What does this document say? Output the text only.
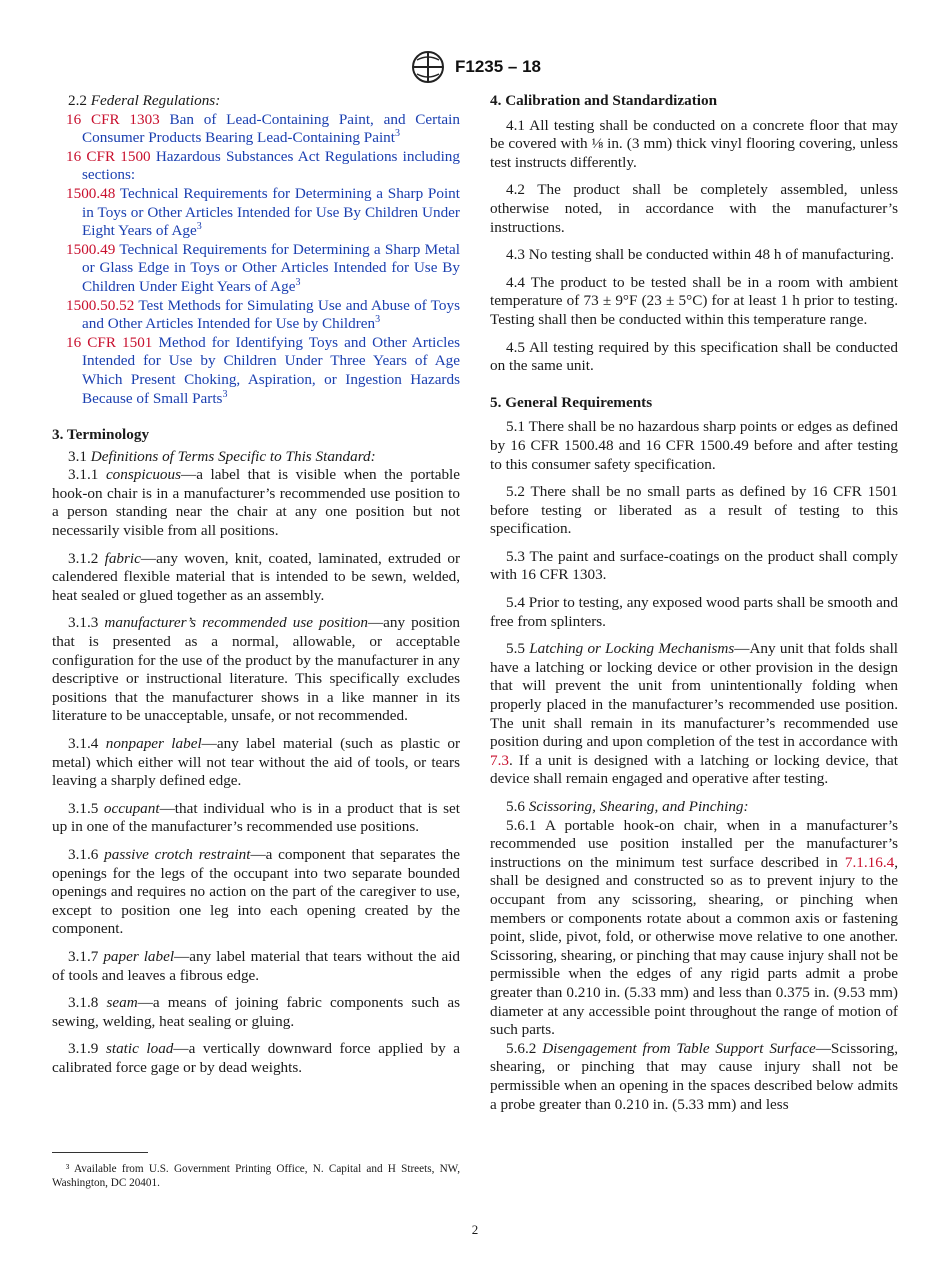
F1235 – 18

2.2 Federal Regulations:

16 CFR 1303 Ban of Lead-Containing Paint, and Certain Consumer Products Bearing Lead-Containing Paint$^3$

16 CFR 1500 Hazardous Substances Act Regulations including sections:

1500.48 Technical Requirements for Determining a Sharp Point in Toys or Other Articles Intended for Use By Children Under Eight Years of Age$^3$

1500.49 Technical Requirements for Determining a Sharp Metal or Glass Edge in Toys or Other Articles Intended for Use By Children Under Eight Years of Age$^3$

1500.50.52 Test Methods for Simulating Use and Abuse of Toys and Other Articles Intended for Use by Children$^3$

16 CFR 1501 Method for Identifying Toys and Other Articles Intended for Use by Children Under Three Years of Age Which Present Choking, Aspiration, or Ingestion Hazards Because of Small Parts$^3$

3. Terminology

3.1 Definitions of Terms Specific to This Standard:

3.1.1 conspicuous—a label that is visible when the portable hook-on chair is in a manufacturer’s recommended use position to a person standing near the chair at any one position but not necessarily visible from all positions.

3.1.2 fabric—any woven, knit, coated, laminated, extruded or calendered flexible material that is intended to be sewn, welded, heat sealed or glued together as an assembly.

3.1.3 manufacturer’s recommended use position—any position that is presented as a normal, allowable, or acceptable configuration for the use of the product by the manufacturer in any descriptive or instructional literature. This specifically excludes positions that the manufacturer shows in a like manner in its literature to be unacceptable, unsafe, or not recommended.

3.1.4 nonpaper label—any label material (such as plastic or metal) which either will not tear without the aid of tools, or tears leaving a sharply defined edge.

3.1.5 occupant—that individual who is in a product that is set up in one of the manufacturer’s recommended use positions.

3.1.6 passive crotch restraint—a component that separates the openings for the legs of the occupant into two separate bounded openings and requires no action on the part of the caregiver to use, except to position one leg into each opening created by the component.

3.1.7 paper label—any label material that tears without the aid of tools and leaves a fibrous edge.

3.1.8 seam—a means of joining fabric components such as sewing, welding, heat sealing or gluing.

3.1.9 static load—a vertically downward force applied by a calibrated force gage or by dead weights.

³ Available from U.S. Government Printing Office, N. Capital and H Streets, NW, Washington, DC 20401.

4. Calibration and Standardization

4.1 All testing shall be conducted on a concrete floor that may be covered with ⅛ in. (3 mm) thick vinyl flooring covering, unless test instructs differently.

4.2 The product shall be completely assembled, unless otherwise noted, in accordance with the manufacturer’s instructions.

4.3 No testing shall be conducted within 48 h of manufacturing.

4.4 The product to be tested shall be in a room with ambient temperature of 73 ± 9°F (23 ± 5°C) for at least 1 h prior to testing. Testing shall then be conducted within this temperature range.

4.5 All testing required by this specification shall be conducted on the same unit.

5. General Requirements

5.1 There shall be no hazardous sharp points or edges as defined by 16 CFR 1500.48 and 16 CFR 1500.49 before and after testing to this consumer safety specification.

5.2 There shall be no small parts as defined by 16 CFR 1501 before testing or liberated as a result of testing to this specification.

5.3 The paint and surface-coatings on the product shall comply with 16 CFR 1303.

5.4 Prior to testing, any exposed wood parts shall be smooth and free from splinters.

5.5 Latching or Locking Mechanisms—Any unit that folds shall have a latching or locking device or other provision in the design that will prevent the unit from unintentionally folding when properly placed in the manufacturer’s recommended use position. The unit shall remain in its manufacturer’s recommended use position during and upon completion of the test in accordance with 7.3. If a unit is designed with a latching or locking device, that device shall remain engaged and operative after testing.

5.6 Scissoring, Shearing, and Pinching:

5.6.1 A portable hook-on chair, when in a manufacturer’s recommended use position installed per the manufacturer’s instructions on the minimum test surface described in 7.1.16.4, shall be designed and constructed so as to prevent injury to the occupant from any scissoring, shearing, or pinching when members or components rotate about a common axis or fastening point, slide, pivot, fold, or otherwise move relative to one another. Scissoring, shearing, or pinching that may cause injury shall not be permissible when the edges of any rigid parts admit a probe greater than 0.210 in. (5.33 mm) and less than 0.375 in. (9.53 mm) diameter at any accessible point throughout the range of motion of such parts.

5.6.2 Disengagement from Table Support Surface—Scissoring, shearing, or pinching that may cause injury shall not be permissible when an opening in the spaces described below admits a probe greater than 0.210 in. (5.33 mm) and less

2
